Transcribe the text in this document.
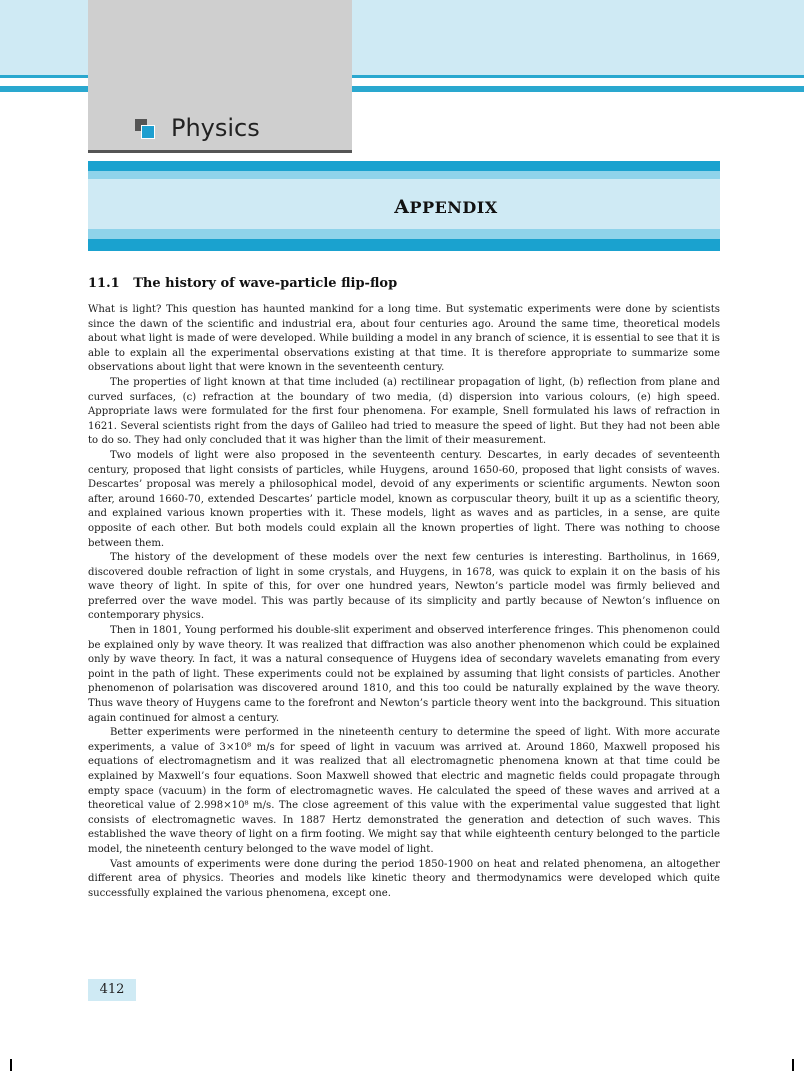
Physics
APPENDIX
11.1 The history of wave-particle flip-flop

What is light? This question has haunted mankind for a long time. But systematic experiments were done by scientists since the dawn of the scientific and industrial era, about four centuries ago. Around the same time, theoretical models about what light is made of were developed. While building a model in any branch of science, it is essential to see that it is able to explain all the experimental observations existing at that time. It is therefore appropriate to summarize some observations about light that were known in the seventeenth century.

The properties of light known at that time included (a) rectilinear propagation of light, (b) reflection from plane and curved surfaces, (c) refraction at the boundary of two media, (d) dispersion into various colours, (e) high speed. Appropriate laws were formulated for the first four phenomena. For example, Snell formulated his laws of refraction in 1621. Several scientists right from the days of Galileo had tried to measure the speed of light. But they had not been able to do so. They had only concluded that it was higher than the limit of their measurement.

Two models of light were also proposed in the seventeenth century. Descartes, in early decades of seventeenth century, proposed that light consists of particles, while Huygens, around 1650-60, proposed that light consists of waves. Descartes’ proposal was merely a philosophical model, devoid of any experiments or scientific arguments. Newton soon after, around 1660-70, extended Descartes’ particle model, known as corpuscular theory, built it up as a scientific theory, and explained various known properties with it. These models, light as waves and as particles, in a sense, are quite opposite of each other. But both models could explain all the known properties of light. There was nothing to choose between them.

The history of the development of these models over the next few centuries is interesting. Bartholinus, in 1669, discovered double refraction of light in some crystals, and Huygens, in 1678, was quick to explain it on the basis of his wave theory of light. In spite of this, for over one hundred years, Newton’s particle model was firmly believed and preferred over the wave model. This was partly because of its simplicity and partly because of Newton’s influence on contemporary physics.

Then in 1801, Young performed his double-slit experiment and observed interference fringes. This phenomenon could be explained only by wave theory. It was realized that diffraction was also another phenomenon which could be explained only by wave theory. In fact, it was a natural consequence of Huygens idea of secondary wavelets emanating from every point in the path of light. These experiments could not be explained by assuming that light consists of particles. Another phenomenon of polarisation was discovered around 1810, and this too could be naturally explained by the wave theory. Thus wave theory of Huygens came to the forefront and Newton’s particle theory went into the background. This situation again continued for almost a century.

Better experiments were performed in the nineteenth century to determine the speed of light. With more accurate experiments, a value of 3×10⁸ m/s for speed of light in vacuum was arrived at. Around 1860, Maxwell proposed his equations of electromagnetism and it was realized that all electromagnetic phenomena known at that time could be explained by Maxwell’s four equations. Soon Maxwell showed that electric and magnetic fields could propagate through empty space (vacuum) in the form of electromagnetic waves. He calculated the speed of these waves and arrived at a theoretical value of 2.998×10⁸ m/s. The close agreement of this value with the experimental value suggested that light consists of electromagnetic waves. In 1887 Hertz demonstrated the generation and detection of such waves. This established the wave theory of light on a firm footing. We might say that while eighteenth century belonged to the particle model, the nineteenth century belonged to the wave model of light.

Vast amounts of experiments were done during the period 1850-1900 on heat and related phenomena, an altogether different area of physics. Theories and models like kinetic theory and thermodynamics were developed which quite successfully explained the various phenomena, except one.

412
